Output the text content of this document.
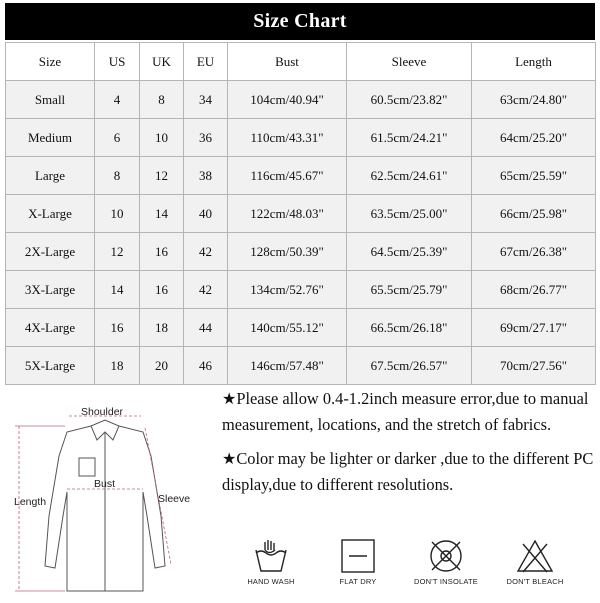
Size Chart
Size	US	UK	EU	Bust	Sleeve	Length
Small	4	8	34	104cm/40.94"	60.5cm/23.82"	63cm/24.80"
Medium	6	10	36	110cm/43.31"	61.5cm/24.21"	64cm/25.20"
Large	8	12	38	116cm/45.67"	62.5cm/24.61"	65cm/25.59"
X-Large	10	14	40	122cm/48.03"	63.5cm/25.00"	66cm/25.98"
2X-Large	12	16	42	128cm/50.39"	64.5cm/25.39"	67cm/26.38"
3X-Large	14	16	42	134cm/52.76"	65.5cm/25.79"	68cm/26.77"
4X-Large	16	18	44	140cm/55.12"	66.5cm/26.18"	69cm/27.17"
5X-Large	18	20	46	146cm/57.48"	67.5cm/26.57"	70cm/27.56"
Shoulder
Bust
Length	Sleeve

★Please allow 0.4-1.2inch measure error,due to manual measurement, locations, and the stretch of fabrics.

★Color may be lighter or darker ,due to the different PC display,due to different resolutions.

HAND WASH	FLAT DRY	DON'T INSOLATE	DON'T BLEACH
